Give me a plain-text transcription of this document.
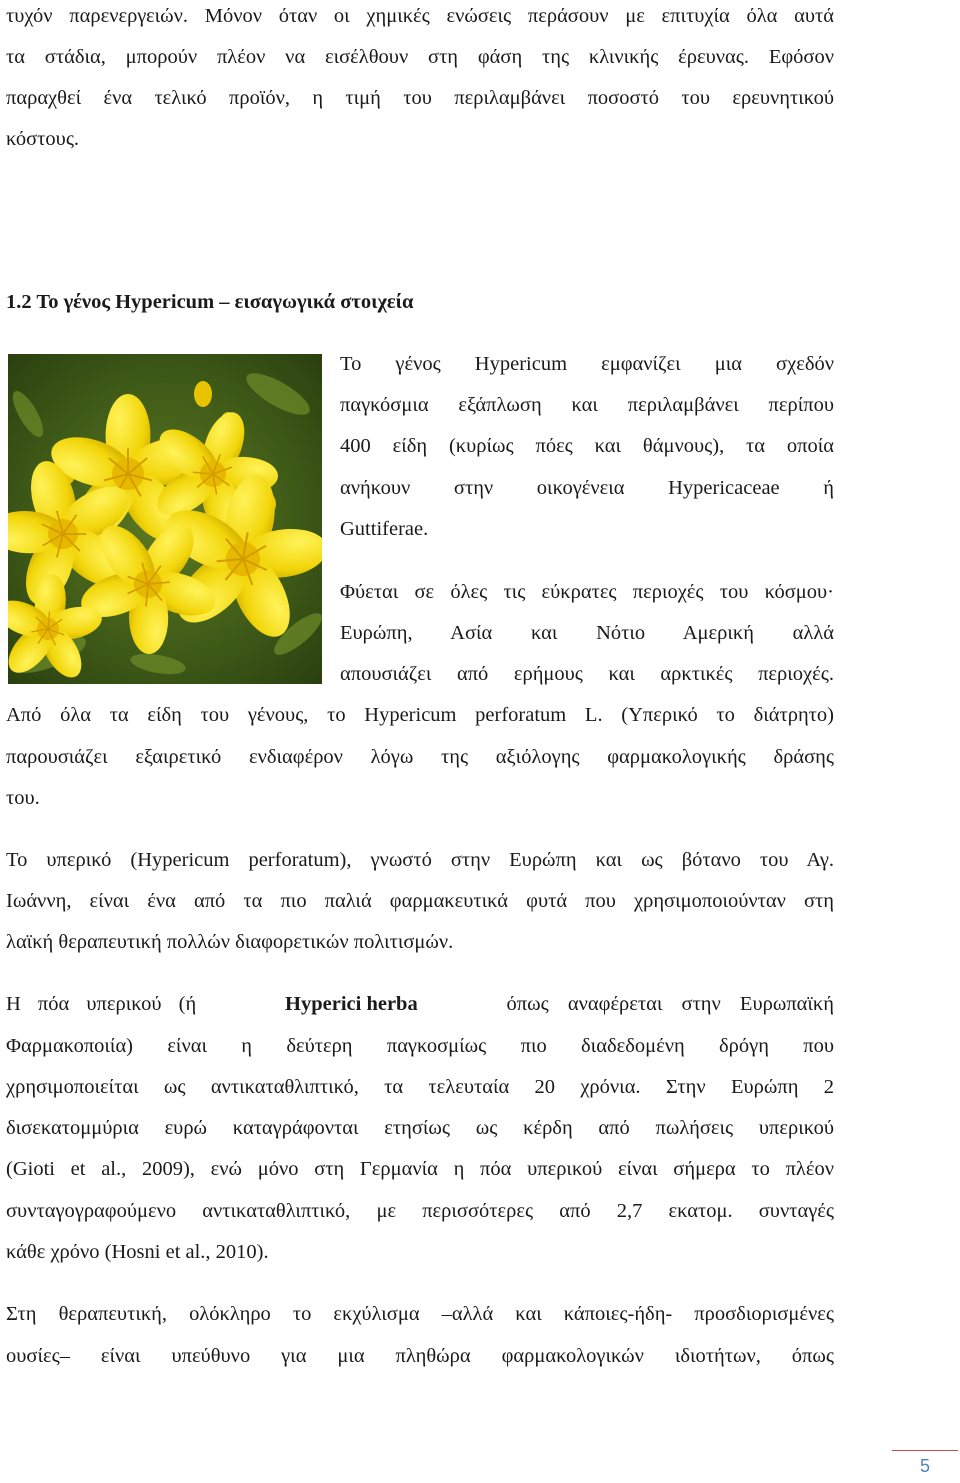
τυχόν παρενεργειών. Μόνον όταν οι χημικές ενώσεις περάσουν με επιτυχία όλα αυτά
τα στάδια, μπορούν πλέον να εισέλθουν στη φάση της κλινικής έρευνας. Εφόσον
παραχθεί ένα τελικό προϊόν, η τιμή του περιλαμβάνει ποσοστό του ερευνητικού
κόστους.
1.2 Το γένος Hypericum – εισαγωγικά στοιχεία
Το γένος Hypericum εμφανίζει μια σχεδόν
παγκόσμια εξάπλωση και περιλαμβάνει περίπου
400 είδη (κυρίως πόες και θάμνους), τα οποία
ανήκουν στην οικογένεια Hypericaceae ή
Guttiferae.
Φύεται σε όλες τις εύκρατες περιοχές του κόσμου·
Ευρώπη, Ασία και Νότιο Αμερική αλλά
απουσιάζει από ερήμους και αρκτικές περιοχές.
Από όλα τα είδη του γένους, το Hypericum perforatum L. (Υπερικό το διάτρητο)
παρουσιάζει εξαιρετικό ενδιαφέρον λόγω της αξιόλογης φαρμακολογικής δράσης
του.
Το υπερικό (Hypericum perforatum), γνωστό στην Ευρώπη και ως βότανο του Αγ.
Ιωάννη, είναι ένα από τα πιο παλιά φαρμακευτικά φυτά που χρησιμοποιούνταν στη
λαϊκή θεραπευτική πολλών διαφορετικών πολιτισμών.
Η πόα υπερικού (ή	Hyperici herba	όπως αναφέρεται στην Ευρωπαϊκή
Φαρμακοποιία) είναι η δεύτερη παγκοσμίως πιο διαδεδομένη δρόγη που
χρησιμοποιείται ως αντικαταθλιπτικό, τα τελευταία 20 χρόνια. Στην Ευρώπη 2
δισεκατομμύρια ευρώ καταγράφονται ετησίως ως κέρδη από πωλήσεις υπερικού
(Gioti et al., 2009), ενώ μόνο στη Γερμανία η πόα υπερικού είναι σήμερα το πλέον
συνταγογραφούμενο αντικαταθλιπτικό, με περισσότερες από 2,7 εκατομ. συνταγές
κάθε χρόνο (Hosni et al., 2010).
Στη θεραπευτική, ολόκληρο το εκχύλισμα –αλλά και κάποιες-ήδη- προσδιορισμένες
ουσίες– είναι υπεύθυνο για μια πληθώρα φαρμακολογικών ιδιοτήτων, όπως
5
